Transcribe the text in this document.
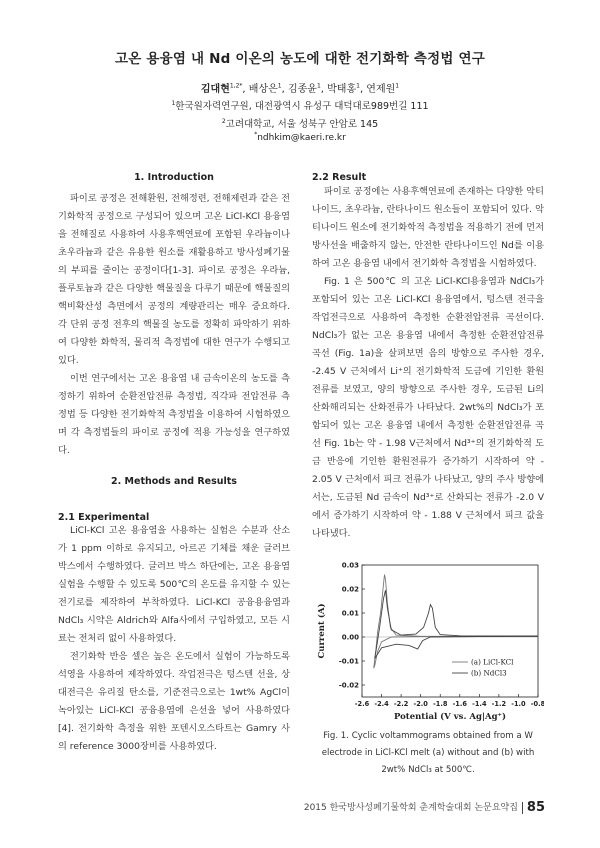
고온 용융염 내 Nd 이온의 농도에 대한 전기화학 측정법 연구
김대현$^{1,2*}$, 배상은$^1$, 김종윤$^1$, 박태홍$^1$, 연제원$^1$
$^1$한국원자력연구원, 대전광역시 유성구 대덕대로989번길 111
$^2$고려대학교, 서울 성북구 안암로 145
*ndhkim@kaeri.re.kr
1. Introduction

파이로 공정은 전해환원, 전해정련, 전해제련과 같은 전기화학적 공정으로 구성되어 있으며 고온 LiCl-KCl 용융염을 전해질로 사용하여 사용후핵연료에 포함된 우라늄이나 초우라늄과 같은 유용한 원소를 재활용하고 방사성폐기물의 부피를 줄이는 공정이다[1-3]. 파이로 공정은 우라늄, 플루토늄과 같은 다양한 핵물질을 다루기 때문에 핵물질의 핵비확산성 측면에서 공정의 계량관리는 매우 중요하다. 각 단위 공정 전후의 핵물질 농도를 정확히 파악하기 위하여 다양한 화학적, 물리적 측정법에 대한 연구가 수행되고 있다.

이번 연구에서는 고온 용융염 내 금속이온의 농도를 측정하기 위하여 순환전압전류 측정법, 직각파 전압전류 측정법 등 다양한 전기화학적 측정법을 이용하여 시험하였으며 각 측정법들의 파이로 공정에 적용 가능성을 연구하였다.

2. Methods and Results
2.1 Experimental

LiCl-KCl 고온 용융염을 사용하는 실험은 수분과 산소가 1 ppm 이하로 유지되고, 아르곤 기체를 채운 글러브 박스에서 수행하였다. 글러브 박스 하단에는, 고온 용융염 실험을 수행할 수 있도록 500℃의 온도를 유지할 수 있는 전기로를 제작하여 부착하였다. LiCl-KCl 공융용융염과 NdCl₃ 시약은 Aldrich와 Alfa사에서 구입하였고, 모든 시료는 전처리 없이 사용하였다.

전기화학 반응 셀은 높은 온도에서 실험이 가능하도록 석영을 사용하여 제작하였다. 작업전극은 텅스텐 선을, 상대전극은 유리질 탄소를, 기준전극으로는 1wt% AgCl이 녹아있는 LiCl-KCl 공융용염에 은선을 넣어 사용하였다[4]. 전기화학 측정을 위한 포텐시오스타트는 Gamry 사의 reference 3000장비를 사용하였다.

2.2 Result

파이로 공정에는 사용후핵연료에 존재하는 다양한 악티나이드, 초우라늄, 란타나이드 원소들이 포함되어 있다. 악티나이드 원소에 전기화학적 측정법을 적용하기 전에 먼저 방사선을 배출하지 않는, 안전한 란타나이드인 Nd를 이용하여 고온 용융염 내에서 전기화학 측정법을 시험하였다.

Fig. 1 은 500℃ 의 고온 LiCl-KCl용융염과 NdCl₃가 포함되어 있는 고온 LiCl-KCl 용융염에서, 텅스텐 전극을 작업전극으로 사용하여 측정한 순환전압전류 곡선이다. NdCl₃가 없는 고온 용융염 내에서 측정한 순환전압전류 곡선 (Fig. 1a)을 살펴보면 음의 방향으로 주사한 경우, -2.45 V 근처에서 Li⁺의 전기화학적 도금에 기인한 환원 전류를 보였고, 양의 방향으로 주사한 경우, 도금된 Li의 산화해리되는 산화전류가 나타났다. 2wt%의 NdCl₃가 포함되어 있는 고온 용융염 내에서 측정한 순환전압전류 곡선 Fig. 1b는 약 - 1.98 V근처에서 Nd³⁺의 전기화학적 도금 반응에 기인한 환원전류가 증가하기 시작하여 약 - 2.05 V 근처에서 피크 전류가 나타났고, 양의 주사 방향에서는, 도금된 Nd 금속이 Nd³⁺로 산화되는 전류가 -2.0 V에서 증가하기 시작하여 약 - 1.88 V 근처에서 피크 값을 나타냈다.

0.03
0.02
0.01
0.00
-0.01
-0.02
-2.6 -2.4 -2.2 -2.0 -1.8 -1.6 -1.4 -1.2 -1.0 -0.8
Potential (V vs. Ag|Ag⁺)
Current (A)
(a) LiCl-KCl
(b) NdCl3
Fig. 1. Cyclic voltammograms obtained from a W electrode in LiCl-KCl melt (a) without and (b) with 2wt% NdCl₃ at 500℃.
2015 한국방사성폐기물학회 춘계학술대회 논문요약집 85
